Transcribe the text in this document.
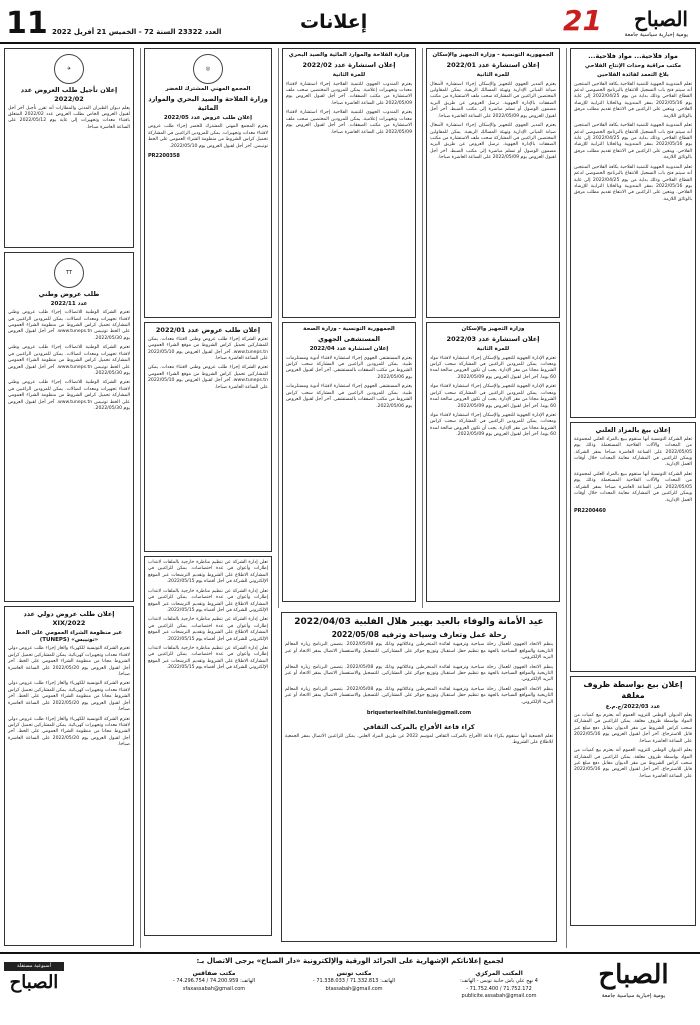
11 العدد 23322 السنة 72 - الخميس 21 أفريل 2022	إعلانات	21 الصباح
يومية إخبارية سياسية جامعة
مواد فلاحية... مواد فلاحية...
مكتب مراقبة وحدات الإنتاج الفلاحي
بلاغ التعمد لفائدة الفلاحين
تعلم المندوبية الجهوية للتنمية الفلاحية بكافة الفلاحين المنتجين أنه سيتم فتح باب التسجيل للانتفاع بالبرنامج الخصوصي لدعم القطاع الفلاحي وذلك بداية من يوم 2022/04/25 إلى غاية يوم 2022/05/16 بمقر المندوبية وبالخلايا الترابية للإرشاد الفلاحي. ويتعين على الراغبين في الانتفاع تقديم مطلب مرفق بالوثائق اللازمة.
تعلم المندوبية الجهوية للتنمية الفلاحية بكافة الفلاحين المنتجين أنه سيتم فتح باب التسجيل للانتفاع بالبرنامج الخصوصي لدعم القطاع الفلاحي وذلك بداية من يوم 2022/04/25 إلى غاية يوم 2022/05/16 بمقر المندوبية وبالخلايا الترابية للإرشاد الفلاحي. ويتعين على الراغبين في الانتفاع تقديم مطلب مرفق بالوثائق اللازمة.
تعلم المندوبية الجهوية للتنمية الفلاحية بكافة الفلاحين المنتجين أنه سيتم فتح باب التسجيل للانتفاع بالبرنامج الخصوصي لدعم القطاع الفلاحي وذلك بداية من يوم 2022/04/25 إلى غاية يوم 2022/05/16 بمقر المندوبية وبالخلايا الترابية للإرشاد الفلاحي. ويتعين على الراغبين في الانتفاع تقديم مطلب مرفق بالوثائق اللازمة.
إعلان بيع بالمزاد العلني
تعلم الشركة التونسية أنها ستقوم ببيع بالمزاد العلني لمجموعة من المعدات والآلات الفلاحية المستعملة وذلك يوم 2022/05/05 على الساعة العاشرة صباحا بمقر الشركة. ويمكن للراغبين في المشاركة معاينة المعدات خلال أوقات العمل الإدارية.
تعلم الشركة التونسية أنها ستقوم ببيع بالمزاد العلني لمجموعة من المعدات والآلات الفلاحية المستعملة وذلك يوم 2022/05/05 على الساعة العاشرة صباحا بمقر الشركة. ويمكن للراغبين في المشاركة معاينة المعدات خلال أوقات العمل الإدارية.
PR2200460
إعلان بيع بواسطة ظروف مغلقة
عدد 2022/03/ج.م.ع
يعلم الديوان الوطني للتزويد العموم أنه يعتزم بيع كميات من المواد بواسطة ظروف مغلقة. يمكن للراغبين في المشاركة سحب كراس الشروط من مقر الديوان مقابل دفع مبلغ غير قابل للاسترجاع. آخر أجل لقبول العروض يوم 2022/05/16 على الساعة العاشرة صباحا.
يعلم الديوان الوطني للتزويد العموم أنه يعتزم بيع كميات من المواد بواسطة ظروف مغلقة. يمكن للراغبين في المشاركة سحب كراس الشروط من مقر الديوان مقابل دفع مبلغ غير قابل للاسترجاع. آخر أجل لقبول العروض يوم 2022/05/16 على الساعة العاشرة صباحا.
الجمهورية التونسية - وزارة التجهيز والإسكان
إعلان استشارة عدد 2022/01
للمرة الثانية
يعتزم المدير الجهوي للتجهيز والإسكان إجراء استشارة لأشغال صيانة المباني الإدارية وتهيئة المسالك الريفية. يمكن للمقاولين المختصين الراغبين في المشاركة سحب ملف الاستشارة من مكتب الصفقات بالإدارة الجهوية. ترسل العروض عن طريق البريد مضمون الوصول أو تسلم مباشرة إلى مكتب الضبط. آخر أجل لقبول العروض يوم 2022/05/09 على الساعة العاشرة صباحا.
يعتزم المدير الجهوي للتجهيز والإسكان إجراء استشارة لأشغال صيانة المباني الإدارية وتهيئة المسالك الريفية. يمكن للمقاولين المختصين الراغبين في المشاركة سحب ملف الاستشارة من مكتب الصفقات بالإدارة الجهوية. ترسل العروض عن طريق البريد مضمون الوصول أو تسلم مباشرة إلى مكتب الضبط. آخر أجل لقبول العروض يوم 2022/05/09 على الساعة العاشرة صباحا.
وزارة التجهيز والإسكان
إعلان استشارة عدد 2022/03
للمرة الثانية
تعتزم الإدارة الجهوية للتجهيز والإسكان إجراء استشارة لاقتناء مواد ومعدات. يمكن للمزودين الراغبين في المشاركة سحب كراس الشروط مجانا من مقر الإدارة. يجب أن تكون العروض صالحة لمدة 60 يوما. آخر أجل لقبول العروض يوم 2022/05/09.
تعتزم الإدارة الجهوية للتجهيز والإسكان إجراء استشارة لاقتناء مواد ومعدات. يمكن للمزودين الراغبين في المشاركة سحب كراس الشروط مجانا من مقر الإدارة. يجب أن تكون العروض صالحة لمدة 60 يوما. آخر أجل لقبول العروض يوم 2022/05/09.
تعتزم الإدارة الجهوية للتجهيز والإسكان إجراء استشارة لاقتناء مواد ومعدات. يمكن للمزودين الراغبين في المشاركة سحب كراس الشروط مجانا من مقر الإدارة. يجب أن تكون العروض صالحة لمدة 60 يوما. آخر أجل لقبول العروض يوم 2022/05/09.
وزارة الفلاحة والموارد المائية والصيد البحري
إعلان استشارة عدد 2022/02
للمرة الثانية
يعتزم المندوب الجهوي للتنمية الفلاحية إجراء استشارة لاقتناء معدات وتجهيزات إعلامية. يمكن للمزودين المختصين سحب ملف الاستشارة من مكتب الصفقات. آخر أجل لقبول العروض يوم 2022/05/09 على الساعة العاشرة صباحا.
يعتزم المندوب الجهوي للتنمية الفلاحية إجراء استشارة لاقتناء معدات وتجهيزات إعلامية. يمكن للمزودين المختصين سحب ملف الاستشارة من مكتب الصفقات. آخر أجل لقبول العروض يوم 2022/05/09 على الساعة العاشرة صباحا.
الجمهورية التونسية - وزارة الصحة
المستشفى الجهوي
إعلان استشارة عدد 2022/04
يعتزم المستشفى الجهوي إجراء استشارة لاقتناء أدوية ومستلزمات طبية. يمكن للمزودين الراغبين في المشاركة سحب كراس الشروط من مكتب الصفقات بالمستشفى. آخر أجل لقبول العروض يوم 2022/05/06.
يعتزم المستشفى الجهوي إجراء استشارة لاقتناء أدوية ومستلزمات طبية. يمكن للمزودين الراغبين في المشاركة سحب كراس الشروط من مكتب الصفقات بالمستشفى. آخر أجل لقبول العروض يوم 2022/05/06.
◎
المجمع المهني المشترك للخضر
وزارة الفلاحة والصيد البحري والموارد المائية
إعلان طلب عروض عدد 2022/05
يعتزم المجمع المهني المشترك للخضر إجراء طلب عروض لاقتناء معدات وتجهيزات. يمكن للمزودين الراغبين في المشاركة تحميل كراس الشروط من منظومة الشراء العمومي على الخط تونيبس. آخر أجل لقبول العروض يوم 2022/05/10.
PR2200358
إعلان طلب عروض عدد 2022/01
تعتزم الشركة إجراء طلب عروض وطني لاقتناء معدات. يمكن للمشاركين تحميل كراس الشروط من موقع الشراء العمومي www.tuneps.tn. آخر أجل لقبول العروض يوم 2022/05/10 على الساعة العاشرة صباحا.
تعتزم الشركة إجراء طلب عروض وطني لاقتناء معدات. يمكن للمشاركين تحميل كراس الشروط من موقع الشراء العمومي www.tuneps.tn. آخر أجل لقبول العروض يوم 2022/05/10 على الساعة العاشرة صباحا.
تعلن إدارة الشركة عن تنظيم مناظرة خارجية بالملفات لانتداب إطارات وأعوان في عدة اختصاصات. يمكن للراغبين في المشاركة الاطلاع على الشروط وتقديم الترشحات عبر الموقع الإلكتروني للشركة في أجل أقصاه يوم 2022/05/15.
تعلن إدارة الشركة عن تنظيم مناظرة خارجية بالملفات لانتداب إطارات وأعوان في عدة اختصاصات. يمكن للراغبين في المشاركة الاطلاع على الشروط وتقديم الترشحات عبر الموقع الإلكتروني للشركة في أجل أقصاه يوم 2022/05/15.
تعلن إدارة الشركة عن تنظيم مناظرة خارجية بالملفات لانتداب إطارات وأعوان في عدة اختصاصات. يمكن للراغبين في المشاركة الاطلاع على الشروط وتقديم الترشحات عبر الموقع الإلكتروني للشركة في أجل أقصاه يوم 2022/05/15.
تعلن إدارة الشركة عن تنظيم مناظرة خارجية بالملفات لانتداب إطارات وأعوان في عدة اختصاصات. يمكن للراغبين في المشاركة الاطلاع على الشروط وتقديم الترشحات عبر الموقع الإلكتروني للشركة في أجل أقصاه يوم 2022/05/15.
عيد الأمانة والوفاء بالعيد بهيبر هلال الفلبية 2022/04/03
رحلة عمل وتعارف وسياحة وترفيه 2022/05/08
ينظم الاتحاد الجهوي للعمال رحلة سياحية وترفيهية لفائدة المنخرطين وعائلاتهم وذلك يوم 2022/05/08. يتضمن البرنامج زيارة المعالم التاريخية والمواقع السياحية بالجهة مع تنظيم حفل استقبال وتوزيع جوائز على المشاركين. للتسجيل والاستفسار الاتصال بمقر الاتحاد أو عبر البريد الإلكتروني.
ينظم الاتحاد الجهوي للعمال رحلة سياحية وترفيهية لفائدة المنخرطين وعائلاتهم وذلك يوم 2022/05/08. يتضمن البرنامج زيارة المعالم التاريخية والمواقع السياحية بالجهة مع تنظيم حفل استقبال وتوزيع جوائز على المشاركين. للتسجيل والاستفسار الاتصال بمقر الاتحاد أو عبر البريد الإلكتروني.
ينظم الاتحاد الجهوي للعمال رحلة سياحية وترفيهية لفائدة المنخرطين وعائلاتهم وذلك يوم 2022/05/08. يتضمن البرنامج زيارة المعالم التاريخية والمواقع السياحية بالجهة مع تنظيم حفل استقبال وتوزيع جوائز على المشاركين. للتسجيل والاستفسار الاتصال بمقر الاتحاد أو عبر البريد الإلكتروني.
briqueterieelhilel.tunisie@gmail.com
كراء قاعة الأفراح بالمركب الثقافي
تعلم الجمعية أنها ستقوم بكراء قاعة الأفراح بالمركب الثقافي لموسم 2022 عن طريق المزاد العلني. يمكن للراغبين الاتصال بمقر الجمعية للاطلاع على الشروط.
✈
إعلان تأجيل طلب العروض عدد 2022/02
يعلم ديوان الطيران المدني والمطارات أنه تقرر تأجيل آخر أجل لقبول العروض الخاص بطلب العروض عدد 2022/02 المتعلق باقتناء معدات وتجهيزات إلى غاية يوم 2022/05/12 على الساعة العاشرة صباحا.
TT
طلب عروض وطني
عدد 2022/11
تعتزم الشركة الوطنية للاتصالات إجراء طلب عروض وطني لاقتناء تجهيزات ومعدات اتصالات. يمكن للمزودين الراغبين في المشاركة تحميل كراس الشروط من منظومة الشراء العمومي على الخط تونيبس www.tuneps.tn. آخر أجل لقبول العروض يوم 2022/05/30.
تعتزم الشركة الوطنية للاتصالات إجراء طلب عروض وطني لاقتناء تجهيزات ومعدات اتصالات. يمكن للمزودين الراغبين في المشاركة تحميل كراس الشروط من منظومة الشراء العمومي على الخط تونيبس www.tuneps.tn. آخر أجل لقبول العروض يوم 2022/05/30.
تعتزم الشركة الوطنية للاتصالات إجراء طلب عروض وطني لاقتناء تجهيزات ومعدات اتصالات. يمكن للمزودين الراغبين في المشاركة تحميل كراس الشروط من منظومة الشراء العمومي على الخط تونيبس www.tuneps.tn. آخر أجل لقبول العروض يوم 2022/05/30.
إعلان طلب عروض دولي عدد 2022/XIX
عبر منظومة الشراء العمومي على الخط «تونيبس» (TUNEPS)
تعتزم الشركة التونسية للكهرباء والغاز إجراء طلب عروض دولي لاقتناء معدات وتجهيزات كهربائية. يمكن للمشاركين تحميل كراس الشروط مجانا من منظومة الشراء العمومي على الخط. آخر أجل لقبول العروض يوم 2022/05/20 على الساعة العاشرة صباحا.
تعتزم الشركة التونسية للكهرباء والغاز إجراء طلب عروض دولي لاقتناء معدات وتجهيزات كهربائية. يمكن للمشاركين تحميل كراس الشروط مجانا من منظومة الشراء العمومي على الخط. آخر أجل لقبول العروض يوم 2022/05/20 على الساعة العاشرة صباحا.
تعتزم الشركة التونسية للكهرباء والغاز إجراء طلب عروض دولي لاقتناء معدات وتجهيزات كهربائية. يمكن للمشاركين تحميل كراس الشروط مجانا من منظومة الشراء العمومي على الخط. آخر أجل لقبول العروض يوم 2022/05/20 على الساعة العاشرة صباحا.
لجميع إعلاناتكم الإشهارية على الجرائد الورقية والإلكترونية «دار الصباح» يرجى الاتصال بـ:
المكتب المركزي
4 نهج علي باش حانبة تونس - الهاتف: 71.752.172 / 71.752.400 - publicite.assabah@gmail.com
مكتب تونس
الهاتف: 71.332.813 / 71.338.033 - btassabah@gmail.com
مكتب صفاقس
الهاتف: 74.200.959 / 74.296.754 - sfaxassabah@gmail.com	الصباح
يومية إخبارية سياسية جامعة
أسبوعية مستقلة
الصباح
